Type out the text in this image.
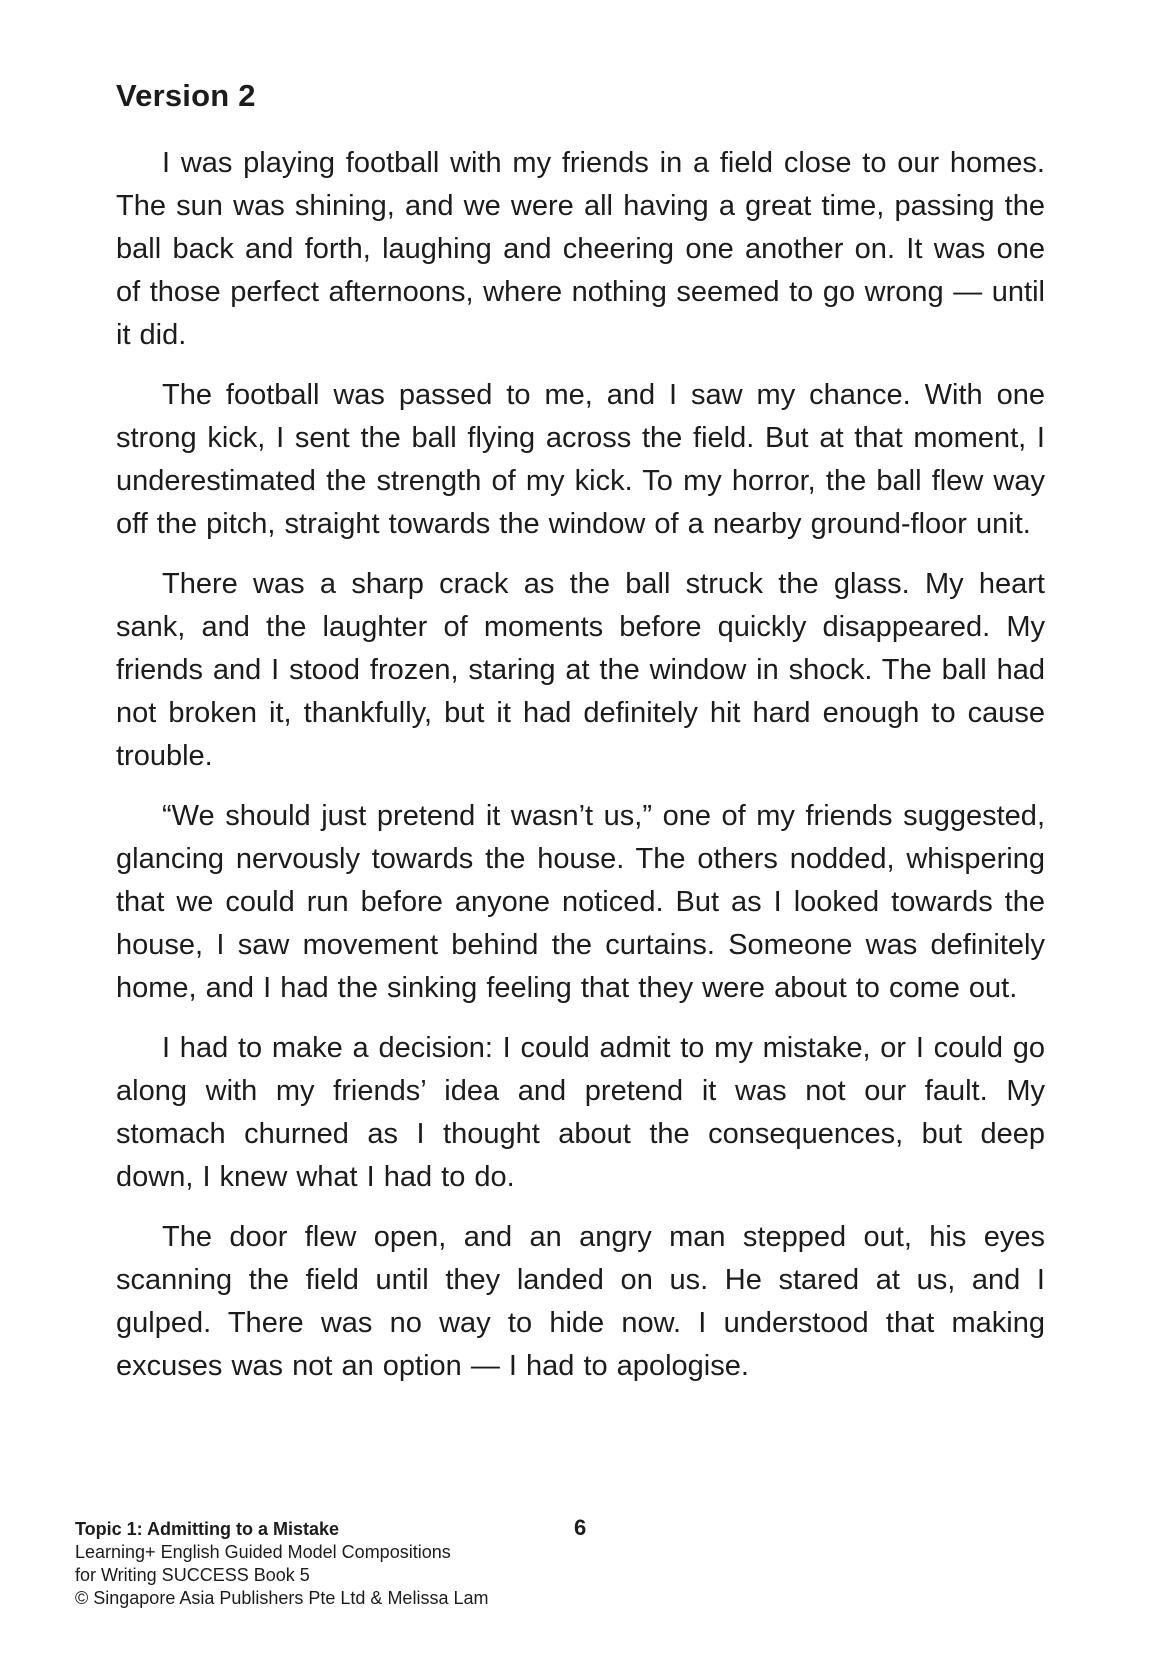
Version 2

I was playing football with my friends in a field close to our homes. The sun was shining, and we were all having a great time, passing the ball back and forth, laughing and cheering one another on. It was one of those perfect afternoons, where nothing seemed to go wrong — until it did.

The football was passed to me, and I saw my chance. With one strong kick, I sent the ball flying across the field. But at that moment, I underestimated the strength of my kick. To my horror, the ball flew way off the pitch, straight towards the window of a nearby ground-floor unit.

There was a sharp crack as the ball struck the glass. My heart sank, and the laughter of moments before quickly disappeared. My friends and I stood frozen, staring at the window in shock. The ball had not broken it, thankfully, but it had definitely hit hard enough to cause trouble.

“We should just pretend it wasn’t us,” one of my friends suggested, glancing nervously towards the house. The others nodded, whispering that we could run before anyone noticed. But as I looked towards the house, I saw movement behind the curtains. Someone was definitely home, and I had the sinking feeling that they were about to come out.

I had to make a decision: I could admit to my mistake, or I could go along with my friends’ idea and pretend it was not our fault. My stomach churned as I thought about the consequences, but deep down, I knew what I had to do.

The door flew open, and an angry man stepped out, his eyes scanning the field until they landed on us. He stared at us, and I gulped. There was no way to hide now. I understood that making excuses was not an option — I had to apologise.

Topic 1: Admitting to a Mistake
Learning+ English Guided Model Compositions
for Writing SUCCESS Book 5
© Singapore Asia Publishers Pte Ltd & Melissa Lam
6
